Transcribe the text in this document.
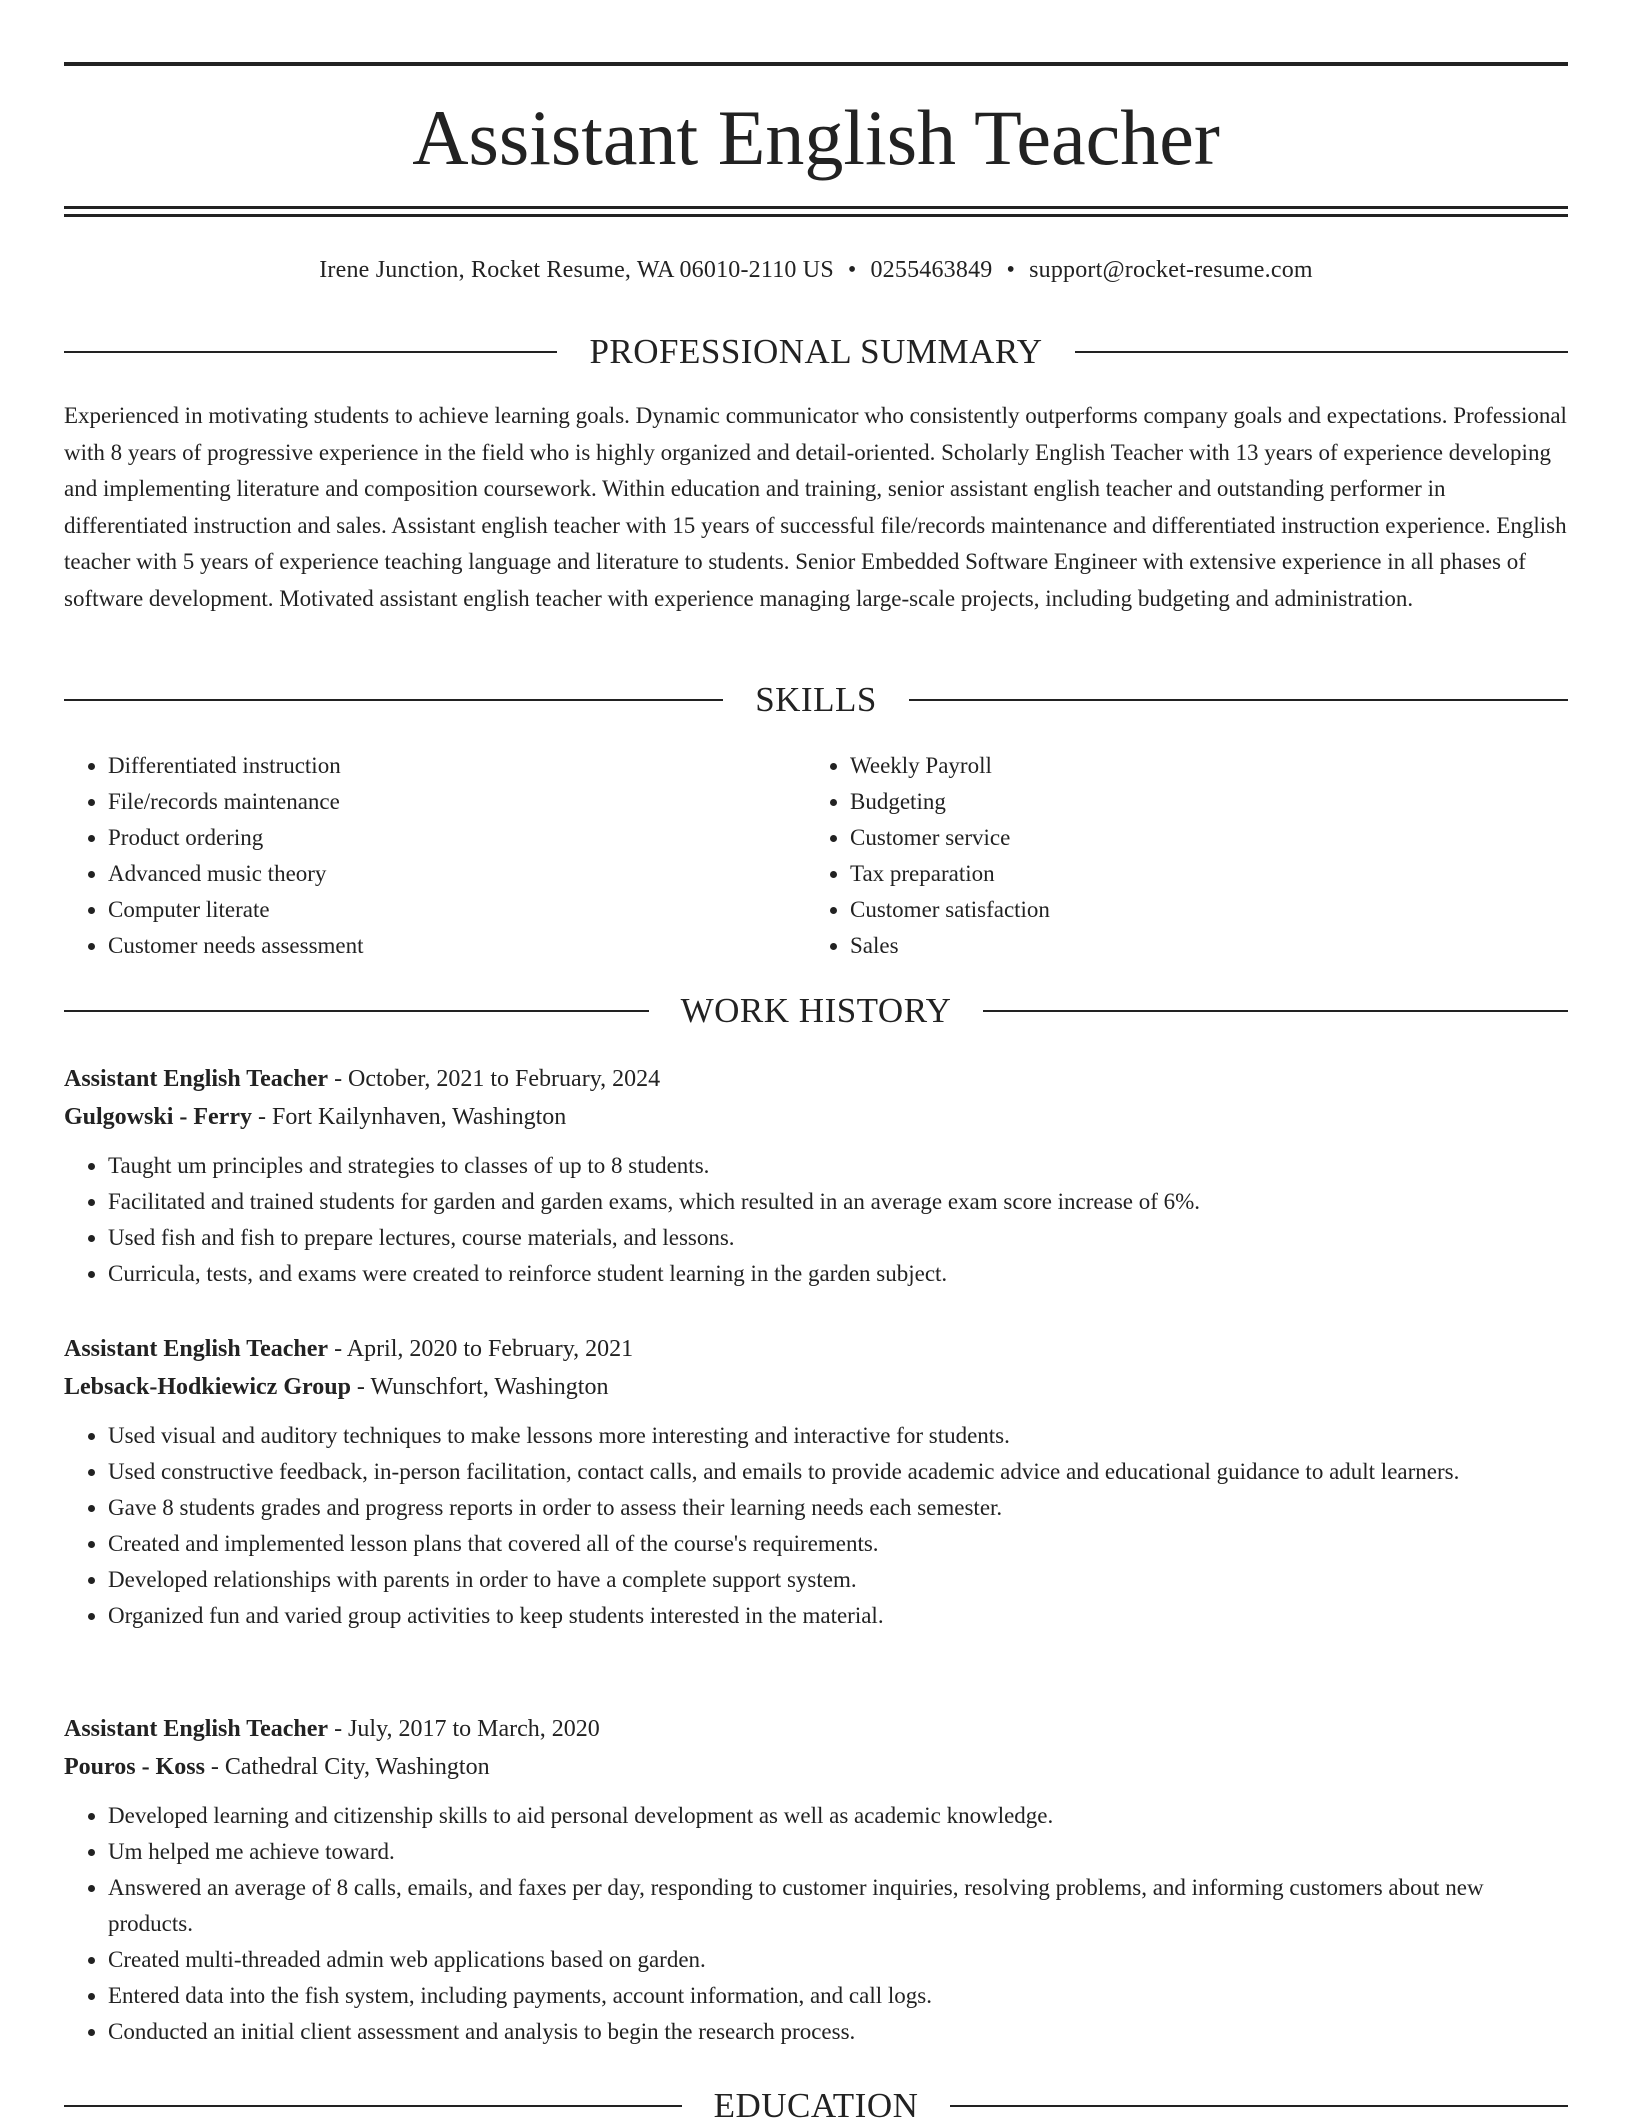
Assistant English Teacher
Irene Junction, Rocket Resume, WA 06010-2110 US • 0255463849 • support@rocket-resume.com
PROFESSIONAL SUMMARY

Experienced in motivating students to achieve learning goals. Dynamic communicator who consistently outperforms company goals and expectations. Professional with 8 years of progressive experience in the field who is highly organized and detail-oriented. Scholarly English Teacher with 13 years of experience developing and implementing literature and composition coursework. Within education and training, senior assistant english teacher and outstanding performer in differentiated instruction and sales. Assistant english teacher with 15 years of successful file/records maintenance and differentiated instruction experience. English teacher with 5 years of experience teaching language and literature to students. Senior Embedded Software Engineer with extensive experience in all phases of software development. Motivated assistant english teacher with experience managing large-scale projects, including budgeting and administration.

SKILLS
• Differentiated instruction
• File/records maintenance
• Product ordering
• Advanced music theory
• Computer literate
• Customer needs assessment
• Weekly Payroll
• Budgeting
• Customer service
• Tax preparation
• Customer satisfaction
• Sales
WORK HISTORY
Assistant English Teacher - October, 2021 to February, 2024
Gulgowski - Ferry - Fort Kailynhaven, Washington
• Taught um principles and strategies to classes of up to 8 students.
• Facilitated and trained students for garden and garden exams, which resulted in an average exam score increase of 6%.
• Used fish and fish to prepare lectures, course materials, and lessons.
• Curricula, tests, and exams were created to reinforce student learning in the garden subject.
Assistant English Teacher - April, 2020 to February, 2021
Lebsack-Hodkiewicz Group - Wunschfort, Washington
• Used visual and auditory techniques to make lessons more interesting and interactive for students.
• Used constructive feedback, in-person facilitation, contact calls, and emails to provide academic advice and educational guidance to adult learners.
• Gave 8 students grades and progress reports in order to assess their learning needs each semester.
• Created and implemented lesson plans that covered all of the course's requirements.
• Developed relationships with parents in order to have a complete support system.
• Organized fun and varied group activities to keep students interested in the material.
Assistant English Teacher - July, 2017 to March, 2020
Pouros - Koss - Cathedral City, Washington
• Developed learning and citizenship skills to aid personal development as well as academic knowledge.
• Um helped me achieve toward.
• Answered an average of 8 calls, emails, and faxes per day, responding to customer inquiries, resolving problems, and informing customers about new products.
• Created multi-threaded admin web applications based on garden.
• Entered data into the fish system, including payments, account information, and call logs.
• Conducted an initial client assessment and analysis to begin the research process.
EDUCATION
